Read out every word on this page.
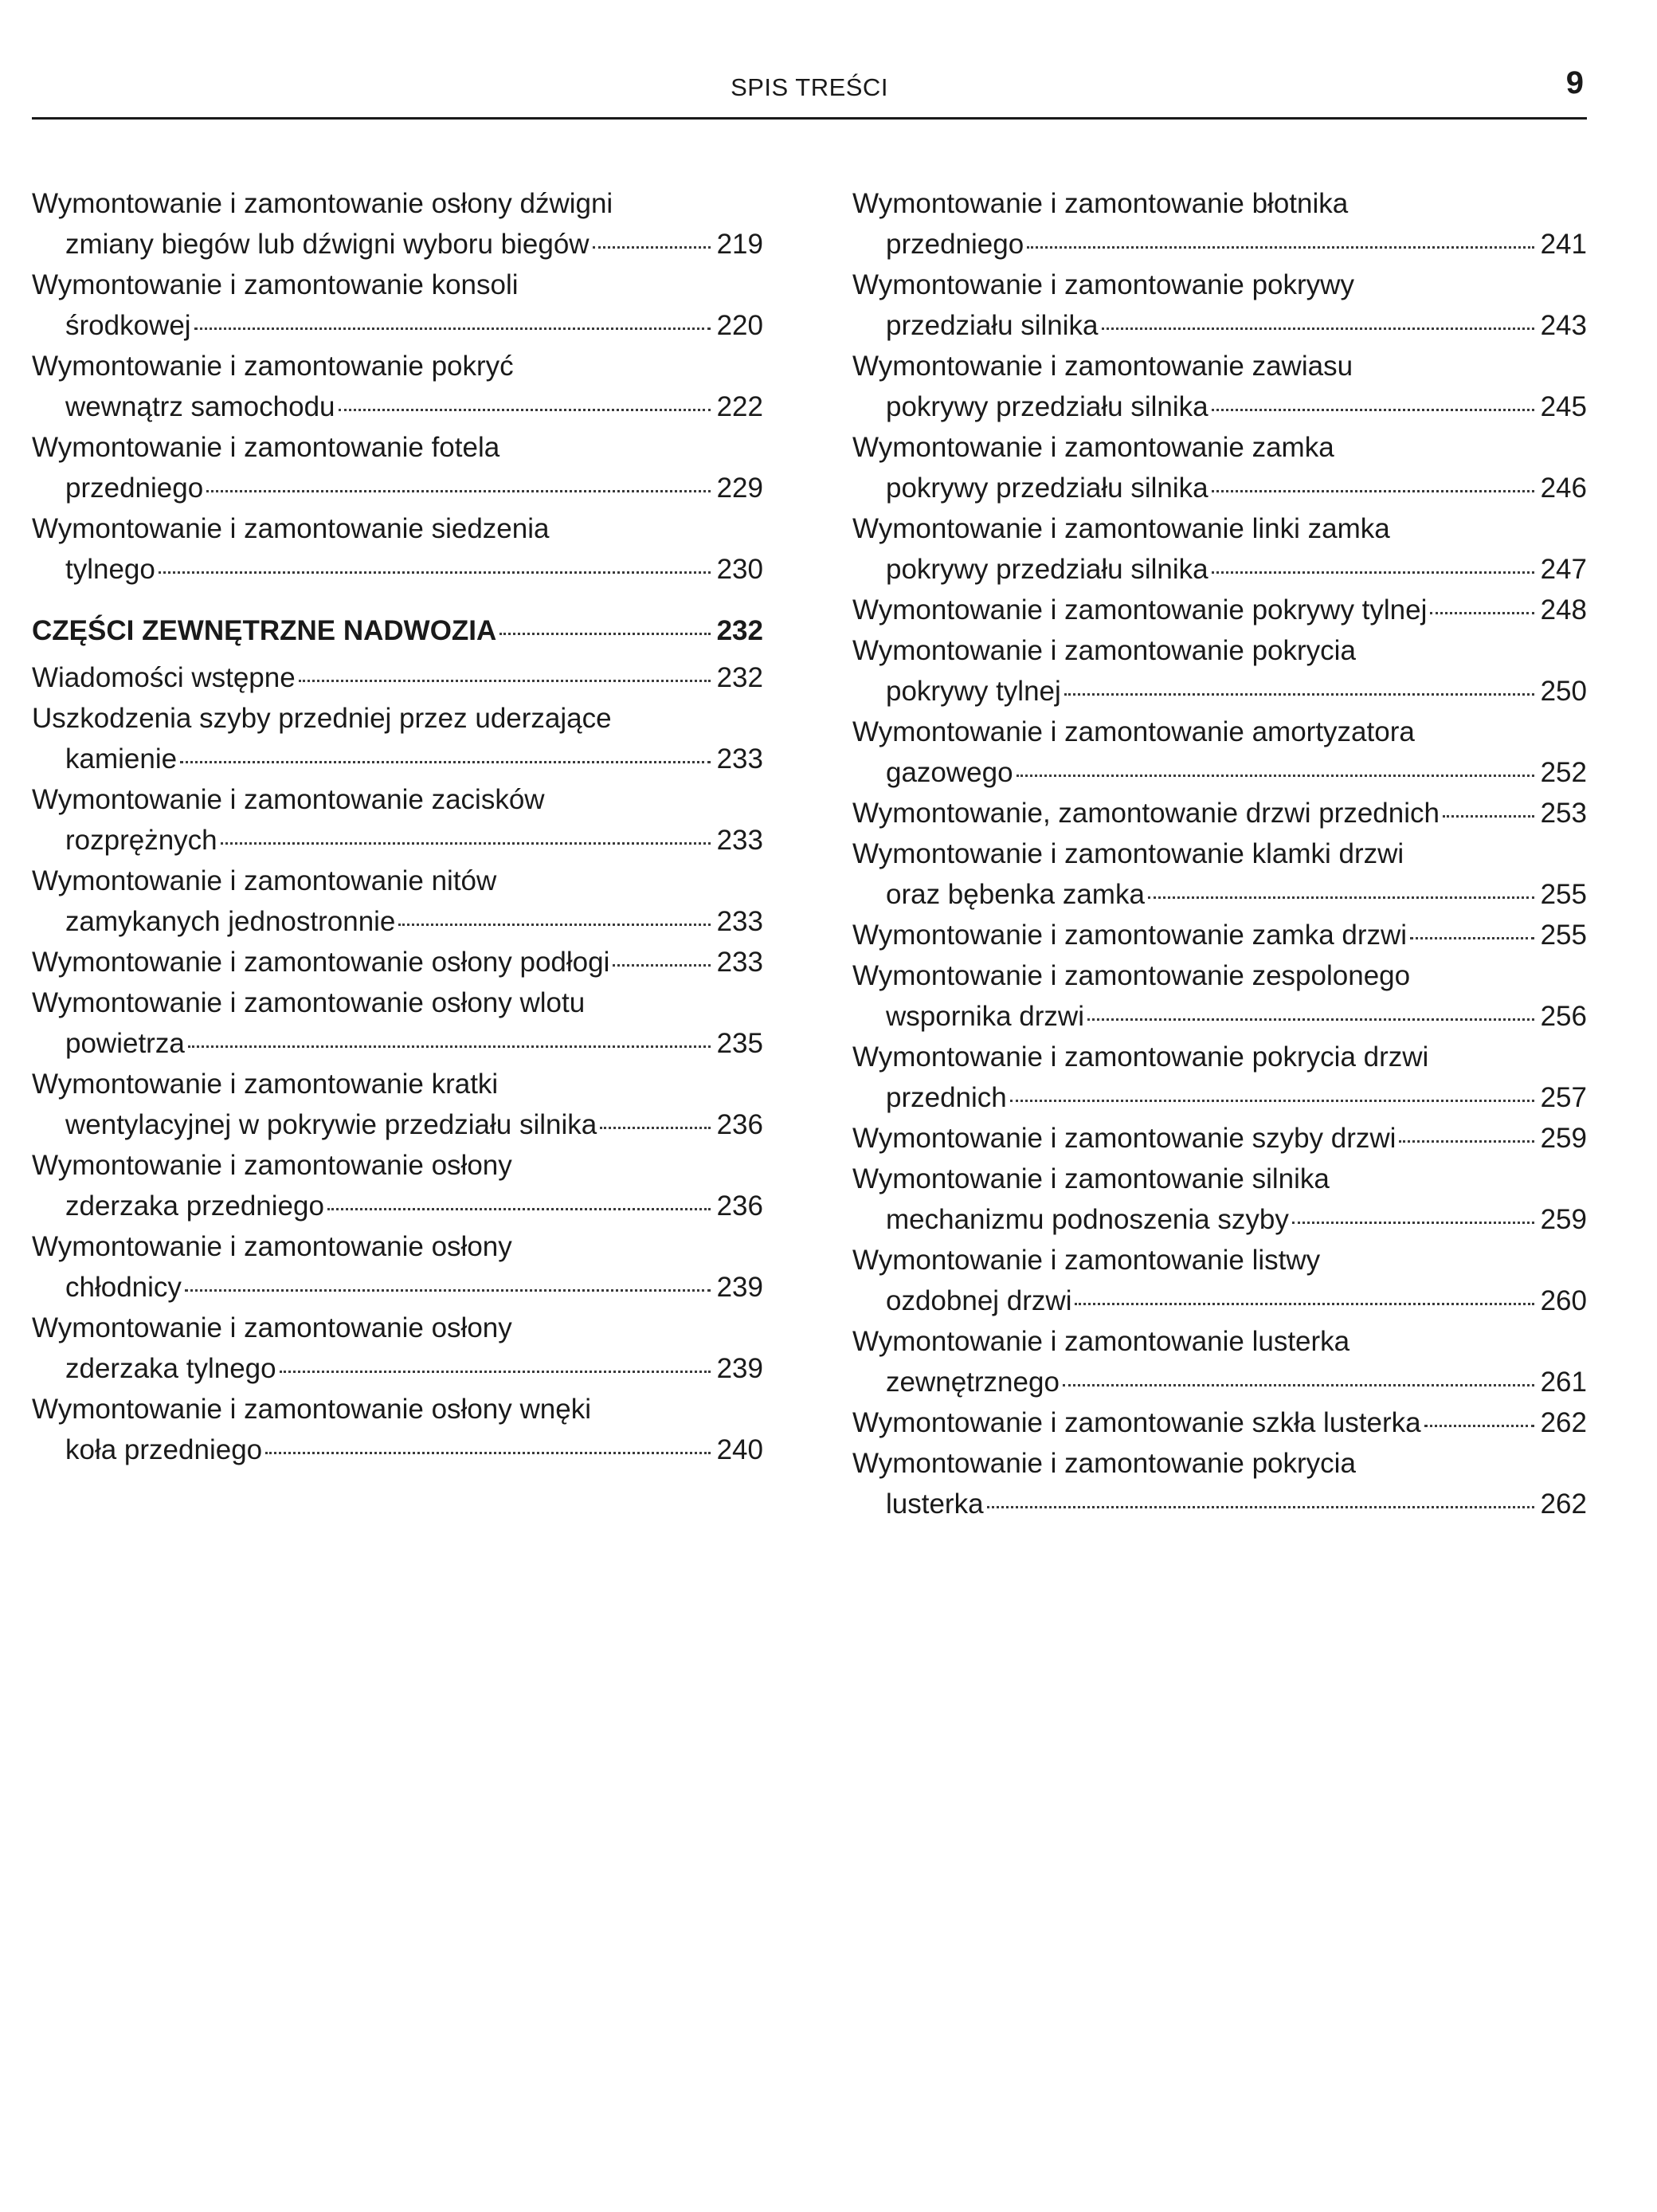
SPIS TREŚCI	9
Wymontowanie i zamontowanie osłony dźwigni
zmiany biegów lub dźwigni wyboru biegów	219
Wymontowanie i zamontowanie konsoli
środkowej	220
Wymontowanie i zamontowanie pokryć
wewnątrz samochodu	222
Wymontowanie i zamontowanie fotela
przedniego	229
Wymontowanie i zamontowanie siedzenia
tylnego	230
CZĘŚCI ZEWNĘTRZNE NADWOZIA	232
Wiadomości wstępne	232
Uszkodzenia szyby przedniej przez uderzające
kamienie	233
Wymontowanie i zamontowanie zacisków
rozprężnych	233
Wymontowanie i zamontowanie nitów
zamykanych jednostronnie	233
Wymontowanie i zamontowanie osłony podłogi	233
Wymontowanie i zamontowanie osłony wlotu
powietrza	235
Wymontowanie i zamontowanie kratki
wentylacyjnej w pokrywie przedziału silnika	236
Wymontowanie i zamontowanie osłony
zderzaka przedniego	236
Wymontowanie i zamontowanie osłony
chłodnicy	239
Wymontowanie i zamontowanie osłony
zderzaka tylnego	239
Wymontowanie i zamontowanie osłony wnęki
koła przedniego	240
Wymontowanie i zamontowanie błotnika
przedniego	241
Wymontowanie i zamontowanie pokrywy
przedziału silnika	243
Wymontowanie i zamontowanie zawiasu
pokrywy przedziału silnika	245
Wymontowanie i zamontowanie zamka
pokrywy przedziału silnika	246
Wymontowanie i zamontowanie linki zamka
pokrywy przedziału silnika	247
Wymontowanie i zamontowanie pokrywy tylnej	248
Wymontowanie i zamontowanie pokrycia
pokrywy tylnej	250
Wymontowanie i zamontowanie amortyzatora
gazowego	252
Wymontowanie, zamontowanie drzwi przednich	253
Wymontowanie i zamontowanie klamki drzwi
oraz bębenka zamka	255
Wymontowanie i zamontowanie zamka drzwi	255
Wymontowanie i zamontowanie zespolonego
wspornika drzwi	256
Wymontowanie i zamontowanie pokrycia drzwi
przednich	257
Wymontowanie i zamontowanie szyby drzwi	259
Wymontowanie i zamontowanie silnika
mechanizmu podnoszenia szyby	259
Wymontowanie i zamontowanie listwy
ozdobnej drzwi	260
Wymontowanie i zamontowanie lusterka
zewnętrznego	261
Wymontowanie i zamontowanie szkła lusterka	262
Wymontowanie i zamontowanie pokrycia
lusterka	262
